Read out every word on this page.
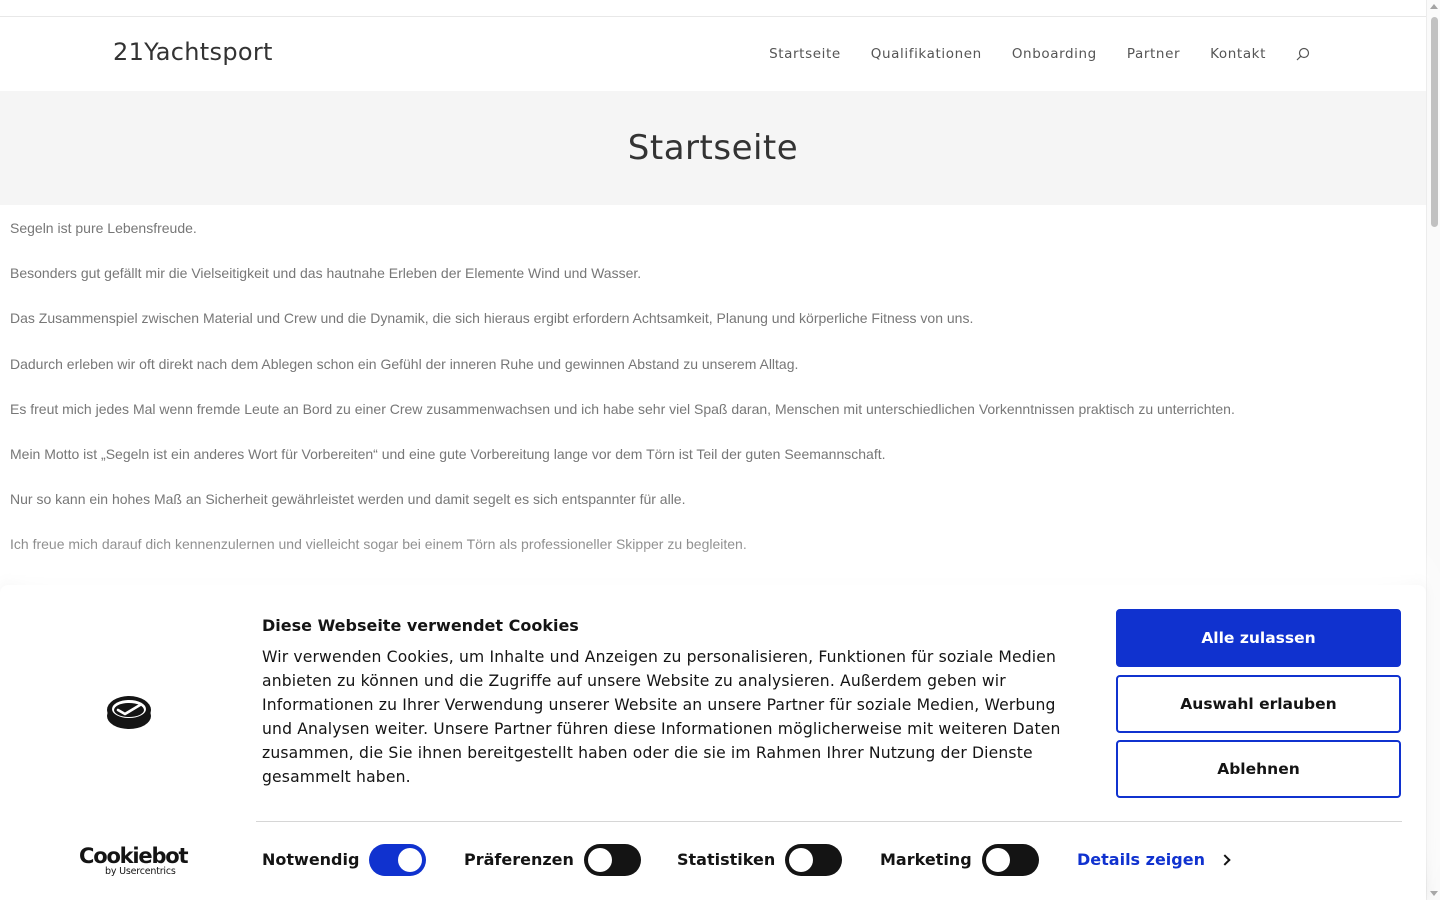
21Yachtsport	Startseite Qualifikationen Onboarding Partner Kontakt
Startseite

Segeln ist pure Lebensfreude.

Besonders gut gefällt mir die Vielseitigkeit und das hautnahe Erleben der Elemente Wind und Wasser.

Das Zusammenspiel zwischen Material und Crew und die Dynamik, die sich hieraus ergibt erfordern Achtsamkeit, Planung und körperliche Fitness von uns.

Dadurch erleben wir oft direkt nach dem Ablegen schon ein Gefühl der inneren Ruhe und gewinnen Abstand zu unserem Alltag.

Es freut mich jedes Mal wenn fremde Leute an Bord zu einer Crew zusammenwachsen und ich habe sehr viel Spaß daran, Menschen mit unterschiedlichen Vorkenntnissen praktisch zu unterrichten.

Mein Motto ist „Segeln ist ein anderes Wort für Vorbereiten“ und eine gute Vorbereitung lange vor dem Törn ist Teil der guten Seemannschaft.

Nur so kann ein hohes Maß an Sicherheit gewährleistet werden und damit segelt es sich entspannter für alle.

Ich freue mich darauf dich kennenzulernen und vielleicht sogar bei einem Törn als professioneller Skipper zu begleiten.

Cookiebot
by Usercentrics
Diese Webseite verwendet Cookies
Wir verwenden Cookies, um Inhalte und Anzeigen zu personalisieren, Funktionen für soziale Medien anbieten zu können und die Zugriffe auf unsere Website zu analysieren. Außerdem geben wir Informationen zu Ihrer Verwendung unserer Website an unsere Partner für soziale Medien, Werbung und Analysen weiter. Unsere Partner führen diese Informationen möglicherweise mit weiteren Daten zusammen, die Sie ihnen bereitgestellt haben oder die sie im Rahmen Ihrer Nutzung der Dienste gesammelt haben.
Alle zulassen
Auswahl erlauben
Ablehnen
Notwendig	Präferenzen	Statistiken	Marketing	Details zeigen
